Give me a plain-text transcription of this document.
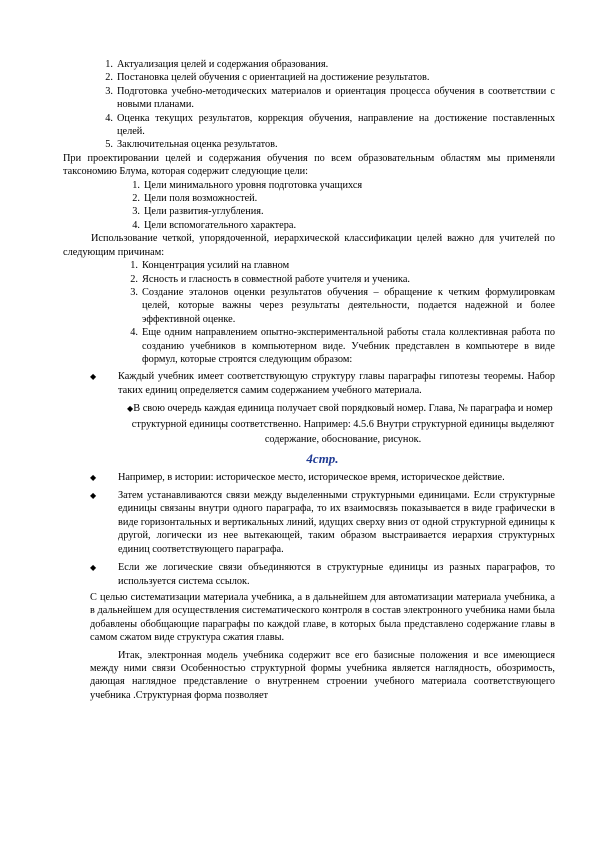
1. Актуализация целей и содержания образования.
2. Постановка целей обучения с ориентацией на достижение результатов.
3. Подготовка учебно-методических материалов и ориентация процесса обучения в соответствии с новыми планами.
4. Оценка текущих результатов, коррекция обучения, направление на достижение поставленных целей.
5. Заключительная оценка результатов.

При проектировании целей и содержания обучения по всем образовательным областям мы применяли таксономию Блума, которая содержит следующие цели:

1. Цели минимального уровня подготовка учащихся
2. Цели поля возможностей.
3. Цели развития-углубления.
4. Цели вспомогательного характера.

Использование четкой, упорядоченной, иерархической классификации целей важно для учителей по следующим причинам:

1. Концентрация усилий на главном
2. Ясность и гласность в совместной работе учителя и ученика.
3. Создание эталонов оценки результатов обучения – обращение к четким формулировкам целей, которые важны через результаты деятельности, подается надежной и более эффективной оценке.
4. Еще одним направлением опытно-экспериментальной работы стала коллективная работа по созданию учебников в компьютерном виде. Учебник представлен в компьютере в виде формул, которые строятся следующим образом:
◆ Каждый учебник имеет соответствующую структуру главы параграфы гипотезы теоремы. Набор таких единиц определяется самим содержанием учебного материала.
◆ В свою очередь каждая единица получает свой порядковый номер. Глава, № параграфа и номер структурной единицы соответственно. Например: 4.5.6 Внутри структурной единицы выделяют содержание, обоснование, рисунок.
4стр.
◆ Например, в истории: историческое место, историческое время, историческое действие.
◆ Затем устанавливаются связи между выделенными структурными единицами. Если структурные единицы связаны внутри одного параграфа, то их взаимосвязь показывается в виде графически в виде горизонтальных и вертикальных линий, идущих сверху вниз от одной структурной единицы к другой, логически из нее вытекающей, таким образом выстраивается иерархия структурных единиц соответствующего параграфа.
◆ Если же логические связи объединяются в структурные единицы из разных параграфов, то используется система ссылок.

С целью систематизации материала учебника, а в дальнейшем для автоматизации материала учебника, а в дальнейшем для осуществления систематического контроля в состав электронного учебника нами была добавлены обобщающие параграфы по каждой главе, в которых была представлено содержание главы в самом сжатом виде структура сжатия главы.

Итак, электронная модель учебника содержит все его базисные положения и все имеющиеся между ними связи Особенностью структурной формы учебника является наглядность, обозримость, дающая наглядное представление о внутреннем строении учебного материала соответствующего учебника .Структурная форма позволяет
